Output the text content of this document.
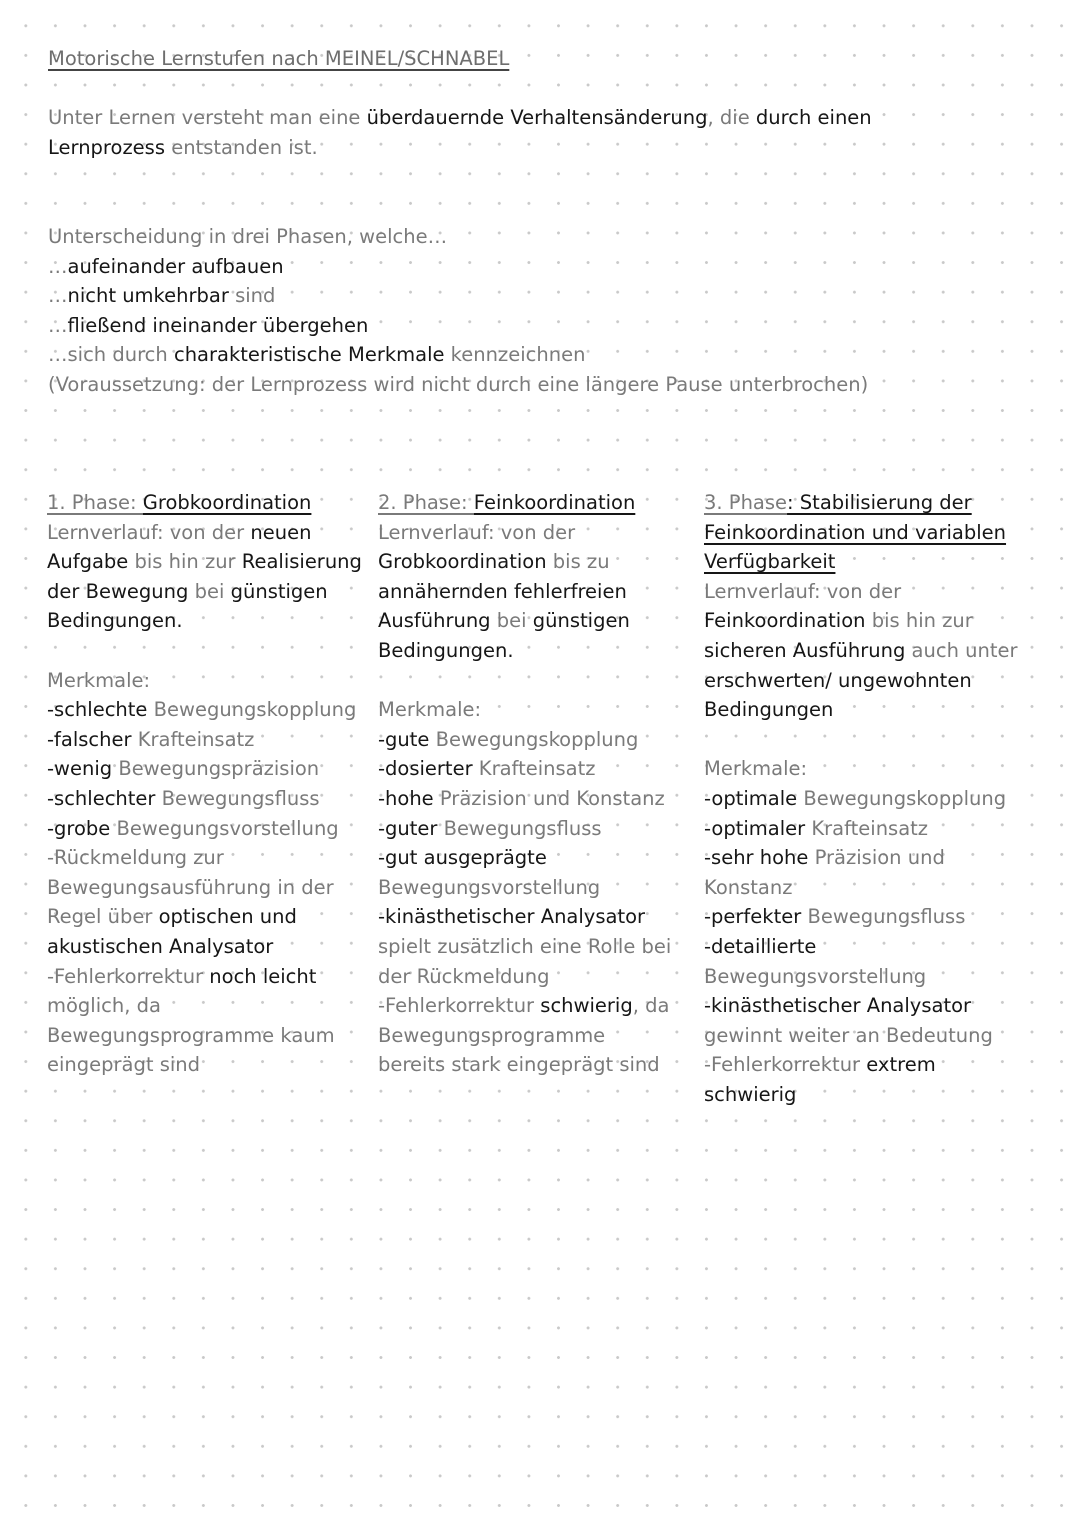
Motorische Lernstufen nach MEINEL/SCHNABEL
Unter Lernen versteht man eine überdauernde Verhaltensänderung, die durch einen
Lernprozess entstanden ist.
Unterscheidung in drei Phasen, welche…
…aufeinander aufbauen
…nicht umkehrbar sind
…fließend ineinander übergehen
…sich durch charakteristische Merkmale kennzeichnen
(Voraussetzung: der Lernprozess wird nicht durch eine längere Pause unterbrochen)
1. Phase: Grobkoordination
Lernverlauf: von der neuen
Aufgabe bis hin zur Realisierung
der Bewegung bei günstigen
Bedingungen.
Merkmale:
-schlechte Bewegungskopplung
-falscher Krafteinsatz
-wenig Bewegungspräzision
-schlechter Bewegungsfluss
-grobe Bewegungsvorstellung
-Rückmeldung zur
Bewegungsausführung in der
Regel über optischen und
akustischen Analysator
-Fehlerkorrektur noch leicht
möglich, da
Bewegungsprogramme kaum
eingeprägt sind
2. Phase: Feinkoordination
Lernverlauf: von der
Grobkoordination bis zu
annähernden fehlerfreien
Ausführung bei günstigen
Bedingungen.
Merkmale:
-gute Bewegungskopplung
-dosierter Krafteinsatz
-hohe Präzision und Konstanz
-guter Bewegungsfluss
-gut ausgeprägte
Bewegungsvorstellung
-kinästhetischer Analysator
spielt zusätzlich eine Rolle bei
der Rückmeldung
-Fehlerkorrektur schwierig, da
Bewegungsprogramme
bereits stark eingeprägt sind
3. Phase: Stabilisierung der
Feinkoordination und variablen
Verfügbarkeit
Lernverlauf: von der
Feinkoordination bis hin zur
sicheren Ausführung auch unter
erschwerten/ ungewohnten
Bedingungen
Merkmale:
-optimale Bewegungskopplung
-optimaler Krafteinsatz
-sehr hohe Präzision und
Konstanz
-perfekter Bewegungsfluss
-detaillierte
Bewegungsvorstellung
-kinästhetischer Analysator
gewinnt weiter an Bedeutung
-Fehlerkorrektur extrem
schwierig
